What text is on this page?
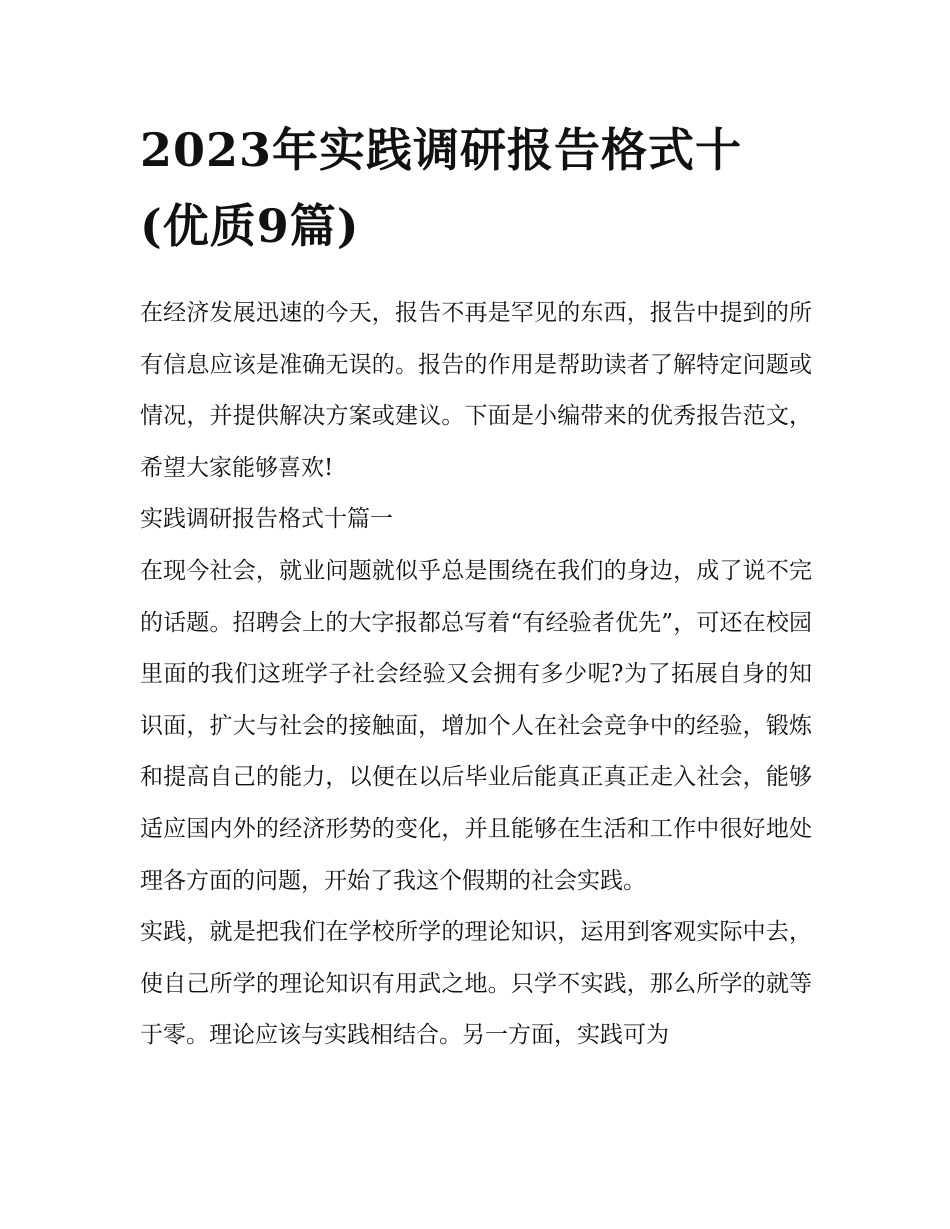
2023年实践调研报告格式十
(优质9篇)

在经济发展迅速的今天，报告不再是罕见的东西，报告中提到的所有信息应该是准确无误的。报告的作用是帮助读者了解特定问题或情况，并提供解决方案或建议。下面是小编带来的优秀报告范文，希望大家能够喜欢!

实践调研报告格式十篇一

在现今社会，就业问题就似乎总是围绕在我们的身边，成了说不完的话题。招聘会上的大字报都总写着“有经验者优先”，可还在校园里面的我们这班学子社会经验又会拥有多少呢?为了拓展自身的知识面，扩大与社会的接触面，增加个人在社会竞争中的经验，锻炼和提高自己的能力，以便在以后毕业后能真正真正走入社会，能够适应国内外的经济形势的变化，并且能够在生活和工作中很好地处理各方面的问题，开始了我这个假期的社会实践。

实践，就是把我们在学校所学的理论知识，运用到客观实际中去，使自己所学的理论知识有用武之地。只学不实践，那么所学的就等于零。理论应该与实践相结合。另一方面，实践可为
